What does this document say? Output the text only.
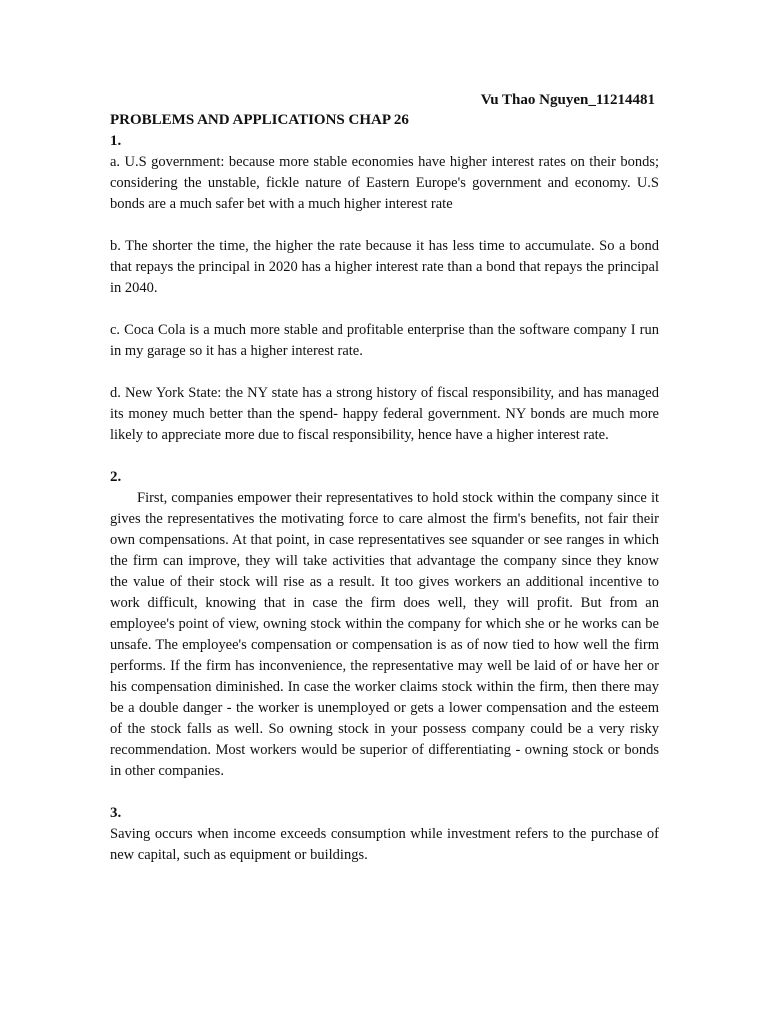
Vu Thao Nguyen_11214481
PROBLEMS AND APPLICATIONS CHAP 26
1.

a. U.S government: because more stable economies have higher interest rates on their bonds; considering the unstable, fickle nature of Eastern Europe's government and economy. U.S bonds are a much safer bet with a much higher interest rate

b. The shorter the time, the higher the rate because it has less time to accumulate. So a bond that repays the principal in 2020 has a higher interest rate than a bond that repays the principal in 2040.

c. Coca Cola is a much more stable and profitable enterprise than the software company I run in my garage so it has a higher interest rate.

d. New York State: the NY state has a strong history of fiscal responsibility, and has managed its money much better than the spend- happy federal government. NY bonds are much more likely to appreciate more due to fiscal responsibility, hence have a higher interest rate.

2.

First, companies empower their representatives to hold stock within the company since it gives the representatives the motivating force to care almost the firm's benefits, not fair their own compensations. At that point, in case representatives see squander or see ranges in which the firm can improve, they will take activities that advantage the company since they know the value of their stock will rise as a result. It too gives workers an additional incentive to work difficult, knowing that in case the firm does well, they will profit. But from an employee's point of view, owning stock within the company for which she or he works can be unsafe. The employee's compensation or compensation is as of now tied to how well the firm performs. If the firm has inconvenience, the representative may well be laid of or have her or his compensation diminished. In case the worker claims stock within the firm, then there may be a double danger - the worker is unemployed or gets a lower compensation and the esteem of the stock falls as well. So owning stock in your possess company could be a very risky recommendation. Most workers would be superior of differentiating - owning stock or bonds in other companies.

3.

Saving occurs when income exceeds consumption while investment refers to the purchase of new capital, such as equipment or buildings.
